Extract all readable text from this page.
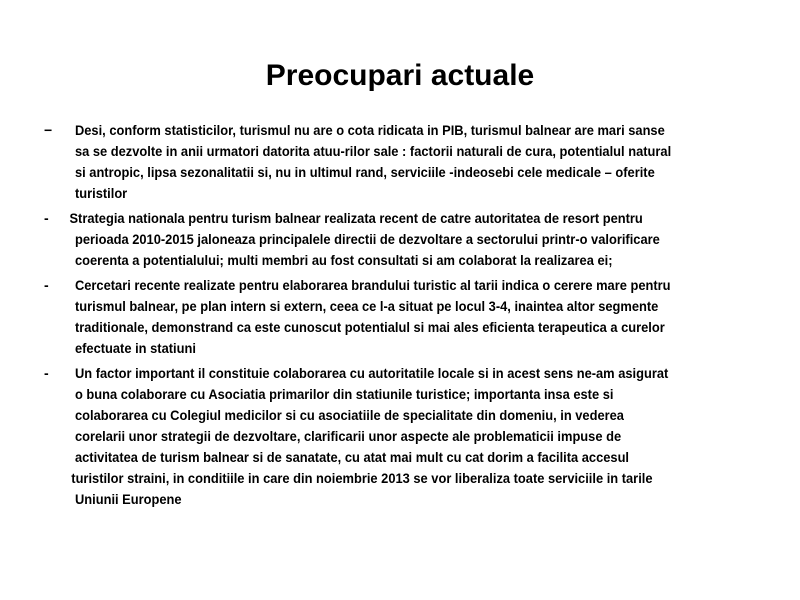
Preocupari actuale
−	Desi, conform statisticilor, turismul nu are o cota ridicata in PIB, turismul balnear are mari sanse
sa se dezvolte in anii urmatori datorita atuu-rilor sale : factorii naturali de cura, potentialul natural
si antropic, lipsa sezonalitatii si, nu in ultimul rand, serviciile -indeosebi cele medicale – oferite
turistilor
-	Strategia nationala pentru turism balnear realizata recent de catre autoritatea de resort pentru
perioada 2010-2015 jaloneaza principalele directii de dezvoltare a sectorului printr-o valorificare
coerenta a potentialului; multi membri au fost consultati si am colaborat la realizarea ei;
-	Cercetari recente realizate pentru elaborarea brandului turistic al tarii indica o cerere mare pentru
turismul balnear, pe plan intern si extern, ceea ce l-a situat pe locul 3-4, inaintea altor segmente
traditionale, demonstrand ca este cunoscut potentialul si mai ales eficienta terapeutica a curelor
efectuate in statiuni
-	Un factor important il constituie colaborarea cu autoritatile locale si in acest sens ne-am asigurat
o buna colaborare cu Asociatia primarilor din statiunile turistice; importanta insa este si
colaborarea cu Colegiul medicilor si cu asociatiile de specialitate din domeniu, in vederea
corelarii unor strategii de dezvoltare, clarificarii unor aspecte ale problematicii impuse de
activitatea de turism balnear si de sanatate, cu atat mai mult cu cat dorim a facilita accesul
turistilor straini, in conditiile in care din noiembrie 2013 se vor liberaliza toate serviciile in tarile
Uniunii Europene
